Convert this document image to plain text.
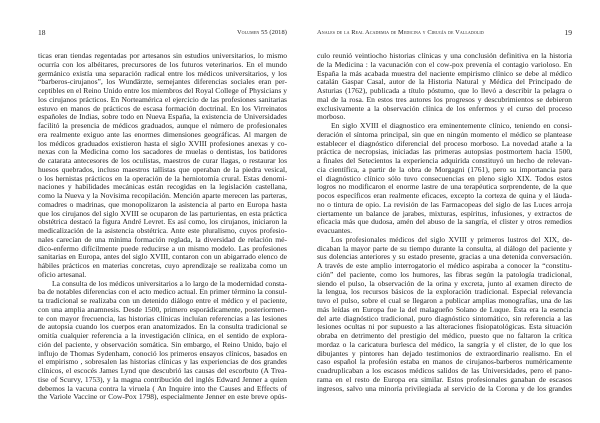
18	Volumen 55 (2018)
ticas eran tiendas regentadas por artesanos sin estudios universitarios, lo mismo
ocurría con los albéitares, precursores de los futuros veterinarios. En el mundo
germánico existía una separación radical entre los médicos universitarios, y los
“barberos-cirujanos”, los Wundärzte, semejantes diferencias sociales eran per-
ceptibles en el Reino Unido entre los miembros del Royal College of Physicians y
los cirujanos prácticos. En Norteamérica el ejercicio de las profesiones sanitarias
estuvo en manos de prácticos de escasa formación doctrinal. En los Virreinatos
españoles de Indias, sobre todo en Nueva España, la existencia de Universidades
facilitó la presencia de médicos graduados, aunque el número de profesionales
era realmente exiguo ante las enormes dimensiones geográficas. Al margen de
los médicos graduados existieron hasta el siglo XVIII profesiones anexas y co-
nexas con la Medicina como los sacadores de muelas o dentistas, los batidores
de catarata antecesores de los oculistas, maestros de curar llagas, o restaurar los
huesos quebrados, incluso maestros tallistas que operaban de la piedra vesical,
o los hernistas prácticos en la operación de la herniotomía crural. Estas denomi-
naciones y habilidades mecánicas están recogidas en la legislación castellana,
como la Nueva y la Novísima recopilación. Mención aparte merecen las parteras,
comadres o madrinas, que monopolizaron la asistencia al parto en Europa hasta
que los cirujanos del siglo XVIII se ocuparon de las parturientas, en esta práctica
obstétrica destacó la figura André Levret. Es así como, los cirujanos, iniciaron la
medicalización de la asistencia obstétrica. Ante este pluralismo, cuyos profesio-
nales carecían de una mínima formación reglada, la diversidad de relación mé-
dico-enfermo difícilmente puede reducirse a un mismo modelo. Las profesiones
sanitarias en Europa, antes del siglo XVIII, contaron con un abigarrado elenco de
hábiles prácticos en materias concretas, cuyo aprendizaje se realizaba como un
oficio artesanal.
La consulta de los médicos universitarios a lo largo de la modernidad consta-
ba de notables diferencias con el acto medico actual. En primer término la consul-
ta tradicional se realizaba con un detenido diálogo entre el médico y el paciente,
con una amplia anamnesis. Desde 1500, primero esporádicamente, posteriormen-
te con mayor frecuencia, las historias clínicas incluían referencias a las lesiones
de autopsia cuando los cuerpos eran anatomizados. En la consulta tradicional se
omitía cualquier referencia a la investigación clínica, en el sentido de explora-
ción del paciente, y observación somática. Sin embargo, el Reino Unido, bajo el
influjo de Thomas Sydenham, conoció los primeros ensayos clínicos, basados en
el empirismo , sobresalen las historias clínicas y las experiencias de dos grandes
clínicos, el escocés James Lynd que descubrió las causas del escorbuto (A Trea-
tise of Scurvy, 1753), y la magna contribución del inglés Edward Jenner a quien
debemos la vacuna contra la viruela ( An Inquire into the Causes and Effects of
the Variole Vaccine or Cow-Pox 1798), especialmente Jenner en este breve opús-
Anales de la Real Academia de Medicina y Cirugía de Valladolid	19
culo reunió veintiocho historias clínicas y una conclusión definitiva en la historia
de la Medicina : la vacunación con el cow-pox prevenía el contagio varioloso. En
España la más acabada muestra del naciente empirismo clínico se debe al médico
catalán Gaspar Casal, autor de la Historia Natural y Médica del Principado de
Asturias (1762), publicada a título póstumo, que lo llevó a describir la pelagra o
mal de la rosa. En estos tres autores los progresos y descubrimientos se debieron
exclusivamente a la observación clínica de los enfermos y el curso del proceso
morboso.
En siglo XVIII el diagnostico era eminentemente clínico, teniendo en consi-
deración el síntoma principal, sin que en ningún momento el médico se plantease
establecer el diagnóstico diferencial del proceso morboso. La novedad atañe a la
práctica de necropsias, iniciadas las primeras autopsias postmortem hacia 1500,
a finales del Setecientos la experiencia adquirida constituyó un hecho de relevan-
cia científica, a partir de la obra de Morgagni (1761), pero su importancia para
el diagnóstico clínico sólo tuvo consecuencias en pleno siglo XIX. Todos estos
logros no modificaron el enorme lastre de una terapéutica sorprendente, de la que
pocos específicos eran realmente eficaces, excepto la corteza de quina y el láuda-
no o tintura de opio. La revisión de las Farmacopeas del siglo de las Luces arroja
ciertamente un balance de jarabes, mixturas, espíritus, infusiones, y extractos de
eficacia más que dudosa, amén del abuso de la sangría, el clister y otros remedios
evacuantes.
Los profesionales médicos del siglo XVIII y primeros lustros del XIX, de-
dicaban la mayor parte de su tiempo durante la consulta, al diálogo del paciente y
sus dolencias anteriores y su estado presente, gracias a una detenida conversación.
A través de este amplio interrogatorio el médico aspiraba a conocer la “constitu-
ción” del paciente, como los humores, las fibras según la patología tradicional,
siendo el pulso, la observación de la orina y excreta, junto al examen directo de
la lengua, los recursos básicos de la exploración tradicional. Especial relevancia
tuvo el pulso, sobre el cual se llegaron a publicar amplias monografías, una de las
más leídas en Europa fue la del malagueño Solano de Luque. Ésta era la esencia
del arte diagnóstico tradicional, puro diagnóstico sintomático, sin referencia a las
lesiones ocultas ni por supuesto a las alteraciones fisiopatológicas. Esta situación
obraba en detrimento del prestigio del médico, puesto que no faltaron la crítica
mordaz o la caricatura burlesca del médico, la sangría y el clister, de lo que los
dibujantes y pintores han dejado testimonios de extraordinario realismo. En el
caso español la profesión estaba en manos de cirujanos-barberos numéricamente
cuadruplicaban a los escasos médicos salidos de las Universidades, pero el pano-
rama en el resto de Europa era similar. Estos profesionales ganaban de escasos
ingresos, salvo una minoría privilegiada al servicio de la Corona y de los grandes
